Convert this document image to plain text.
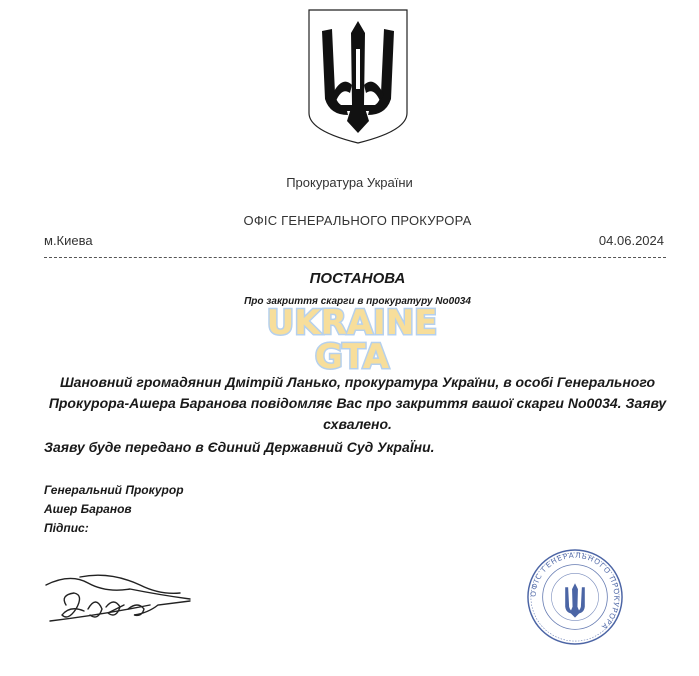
Прокуратура України
ОФІС ГЕНЕРАЛЬНОГО ПРОКУРОРА
м.Киева	04.06.2024
ПОСТАНОВА
Про закриття скарги в прокуратуру No0034
UKRAINE
GTA
Шановний громадянин Дмітрій Ланько, прокуратура України, в особі Генерального Прокурора-Ашера Баранова повідомляє Вас про закриття вашої скарги No0034. Заяву схвалено.
Заяву буде передано в Єдиний Державний Суд УкраЇни.
Генеральний Прокурор
Ашер Баранов
Підпис:
ОФІС ГЕНЕРАЛЬНОГО ПРОКУРОРА
